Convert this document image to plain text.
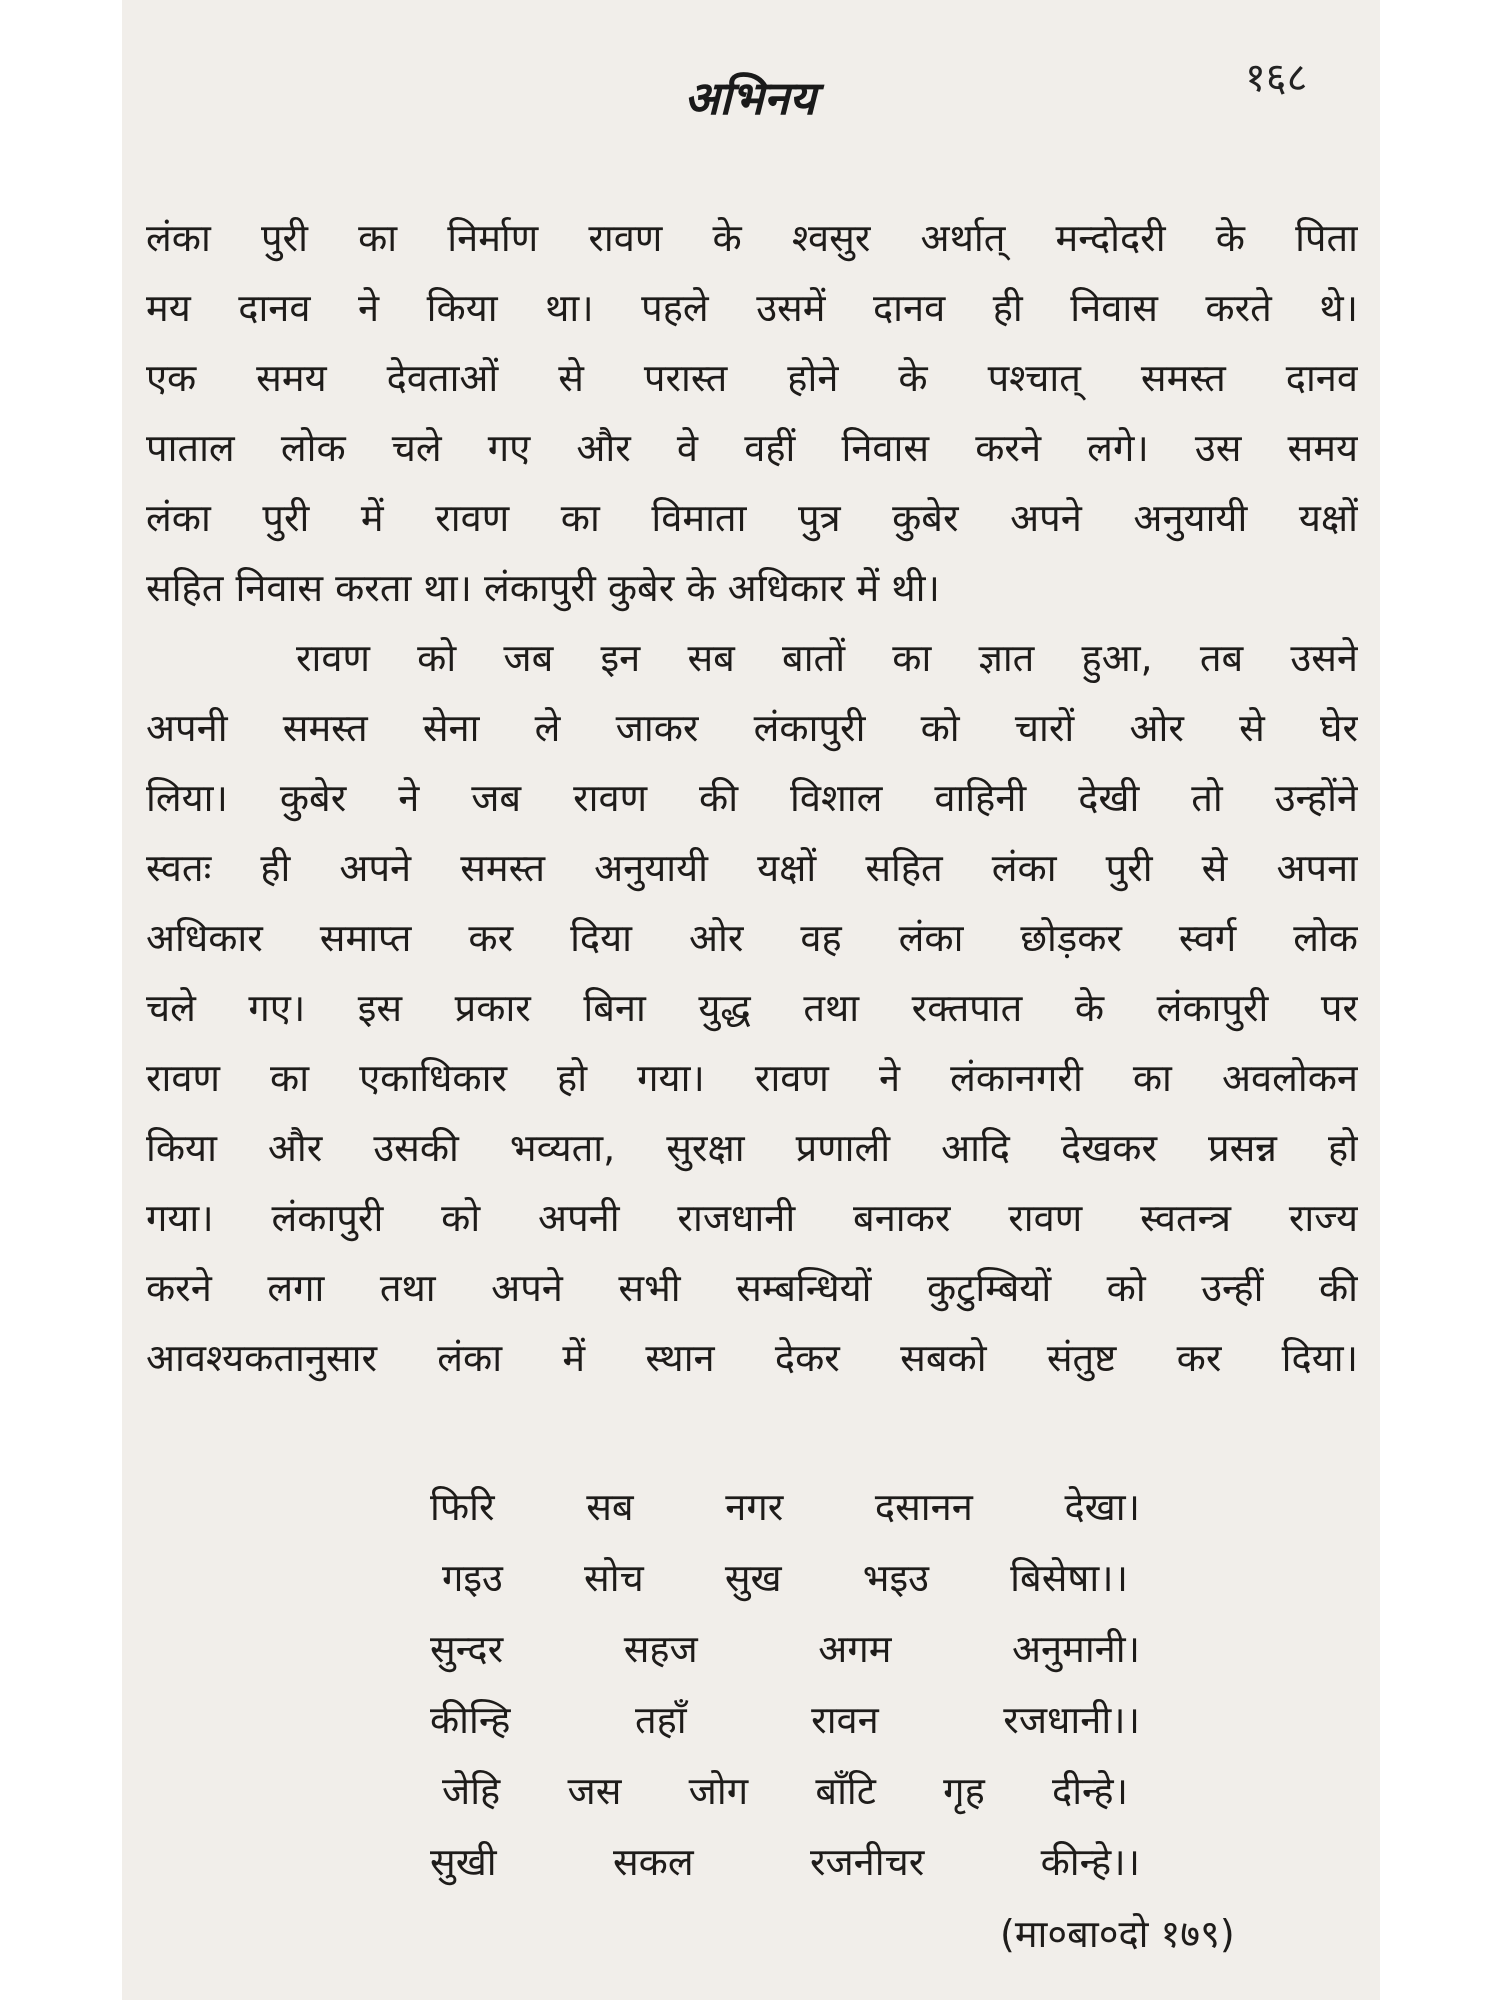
१६८

अभिनय
लंका पुरी का निर्माण रावण के श्वसुर अर्थात् मन्दोदरी के पिता
मय दानव ने किया था। पहले उसमें दानव ही निवास करते थे।
एक समय देवताओं से परास्त होने के पश्चात् समस्त दानव
पाताल लोक चले गए और वे वहीं निवास करने लगे। उस समय
लंका पुरी में रावण का विमाता पुत्र कुबेर अपने अनुयायी यक्षों
सहित निवास करता था। लंकापुरी कुबेर के अधिकार में थी।
रावण को जब इन सब बातों का ज्ञात हुआ, तब उसने
अपनी समस्त सेना ले जाकर लंकापुरी को चारों ओर से घेर
लिया। कुबेर ने जब रावण की विशाल वाहिनी देखी तो उन्होंने
स्वतः ही अपने समस्त अनुयायी यक्षों सहित लंका पुरी से अपना
अधिकार समाप्त कर दिया ओर वह लंका छोड़कर स्वर्ग लोक
चले गए। इस प्रकार बिना युद्ध तथा रक्तपात के लंकापुरी पर
रावण का एकाधिकार हो गया। रावण ने लंकानगरी का अवलोकन
किया और उसकी भव्यता, सुरक्षा प्रणाली आदि देखकर प्रसन्न हो
गया। लंकापुरी को अपनी राजधानी बनाकर रावण स्वतन्त्र राज्य
करने लगा तथा अपने सभी सम्बन्धियों कुटुम्बियों को उन्हीं की
आवश्यकतानुसार लंका में स्थान देकर सबको संतुष्ट कर दिया।
फिरि सब नगर दसानन देखा।
गइउ सोच सुख भइउ बिसेषा।।
सुन्दर सहज अगम अनुमानी।
कीन्हि तहाँ रावन रजधानी।।
जेहि जस जोग बाँटि गृह दीन्हे।
सुखी सकल रजनीचर कीन्हे।।

(मा०बा०दो १७९)
